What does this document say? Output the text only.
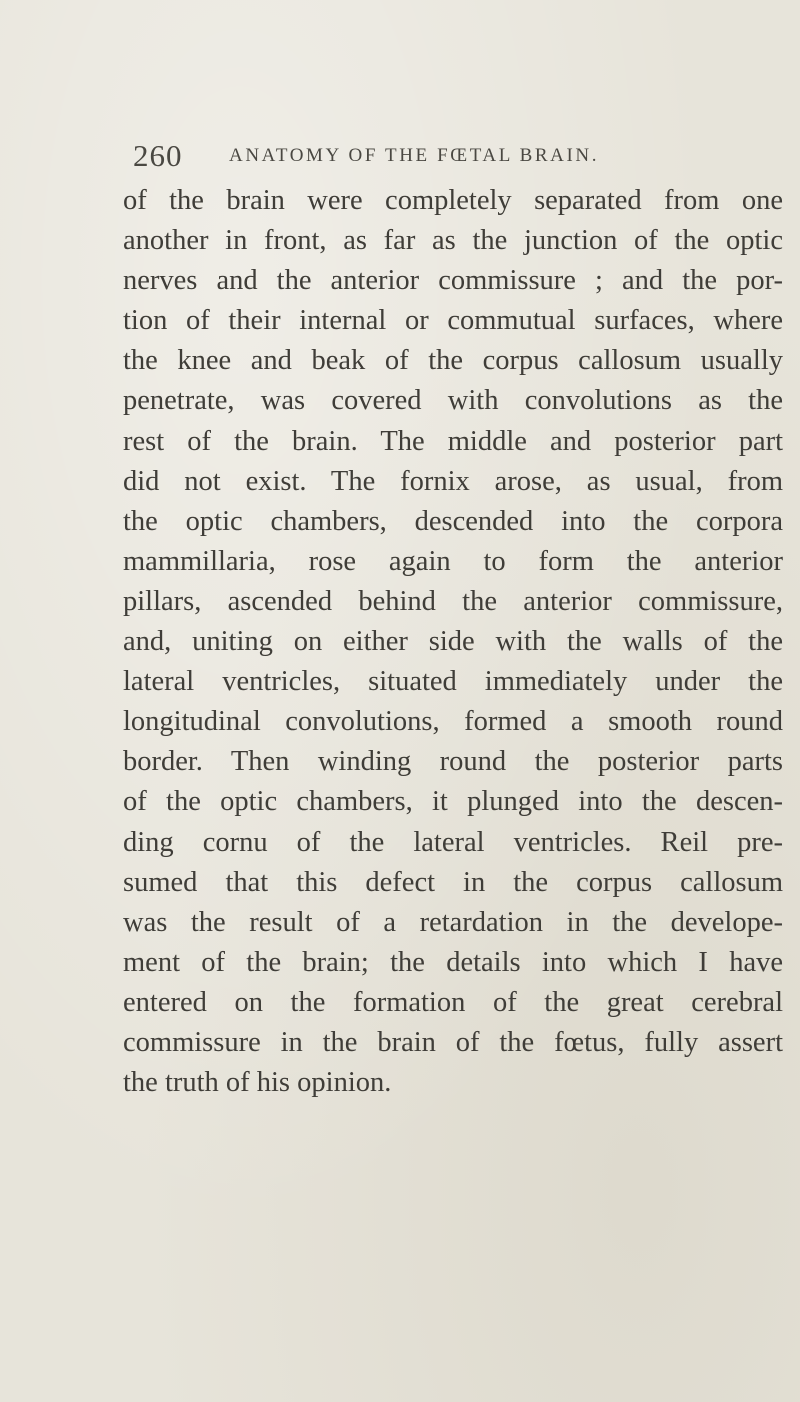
260 ANATOMY OF THE FŒTAL BRAIN.

of the brain were completely separated from one
another in front, as far as the junction of the optic
nerves and the anterior commissure ; and the por-
tion of their internal or commutual surfaces, where
the knee and beak of the corpus callosum usually
penetrate, was covered with convolutions as the
rest of the brain. The middle and posterior part
did not exist. The fornix arose, as usual, from
the optic chambers, descended into the corpora
mammillaria, rose again to form the anterior
pillars, ascended behind the anterior commissure,
and, uniting on either side with the walls of the
lateral ventricles, situated immediately under the
longitudinal convolutions, formed a smooth round
border. Then winding round the posterior parts
of the optic chambers, it plunged into the descen-
ding cornu of the lateral ventricles. Reil pre-
sumed that this defect in the corpus callosum
was the result of a retardation in the develope-
ment of the brain; the details into which I have
entered on the formation of the great cerebral
commissure in the brain of the fœtus, fully assert
the truth of his opinion.
